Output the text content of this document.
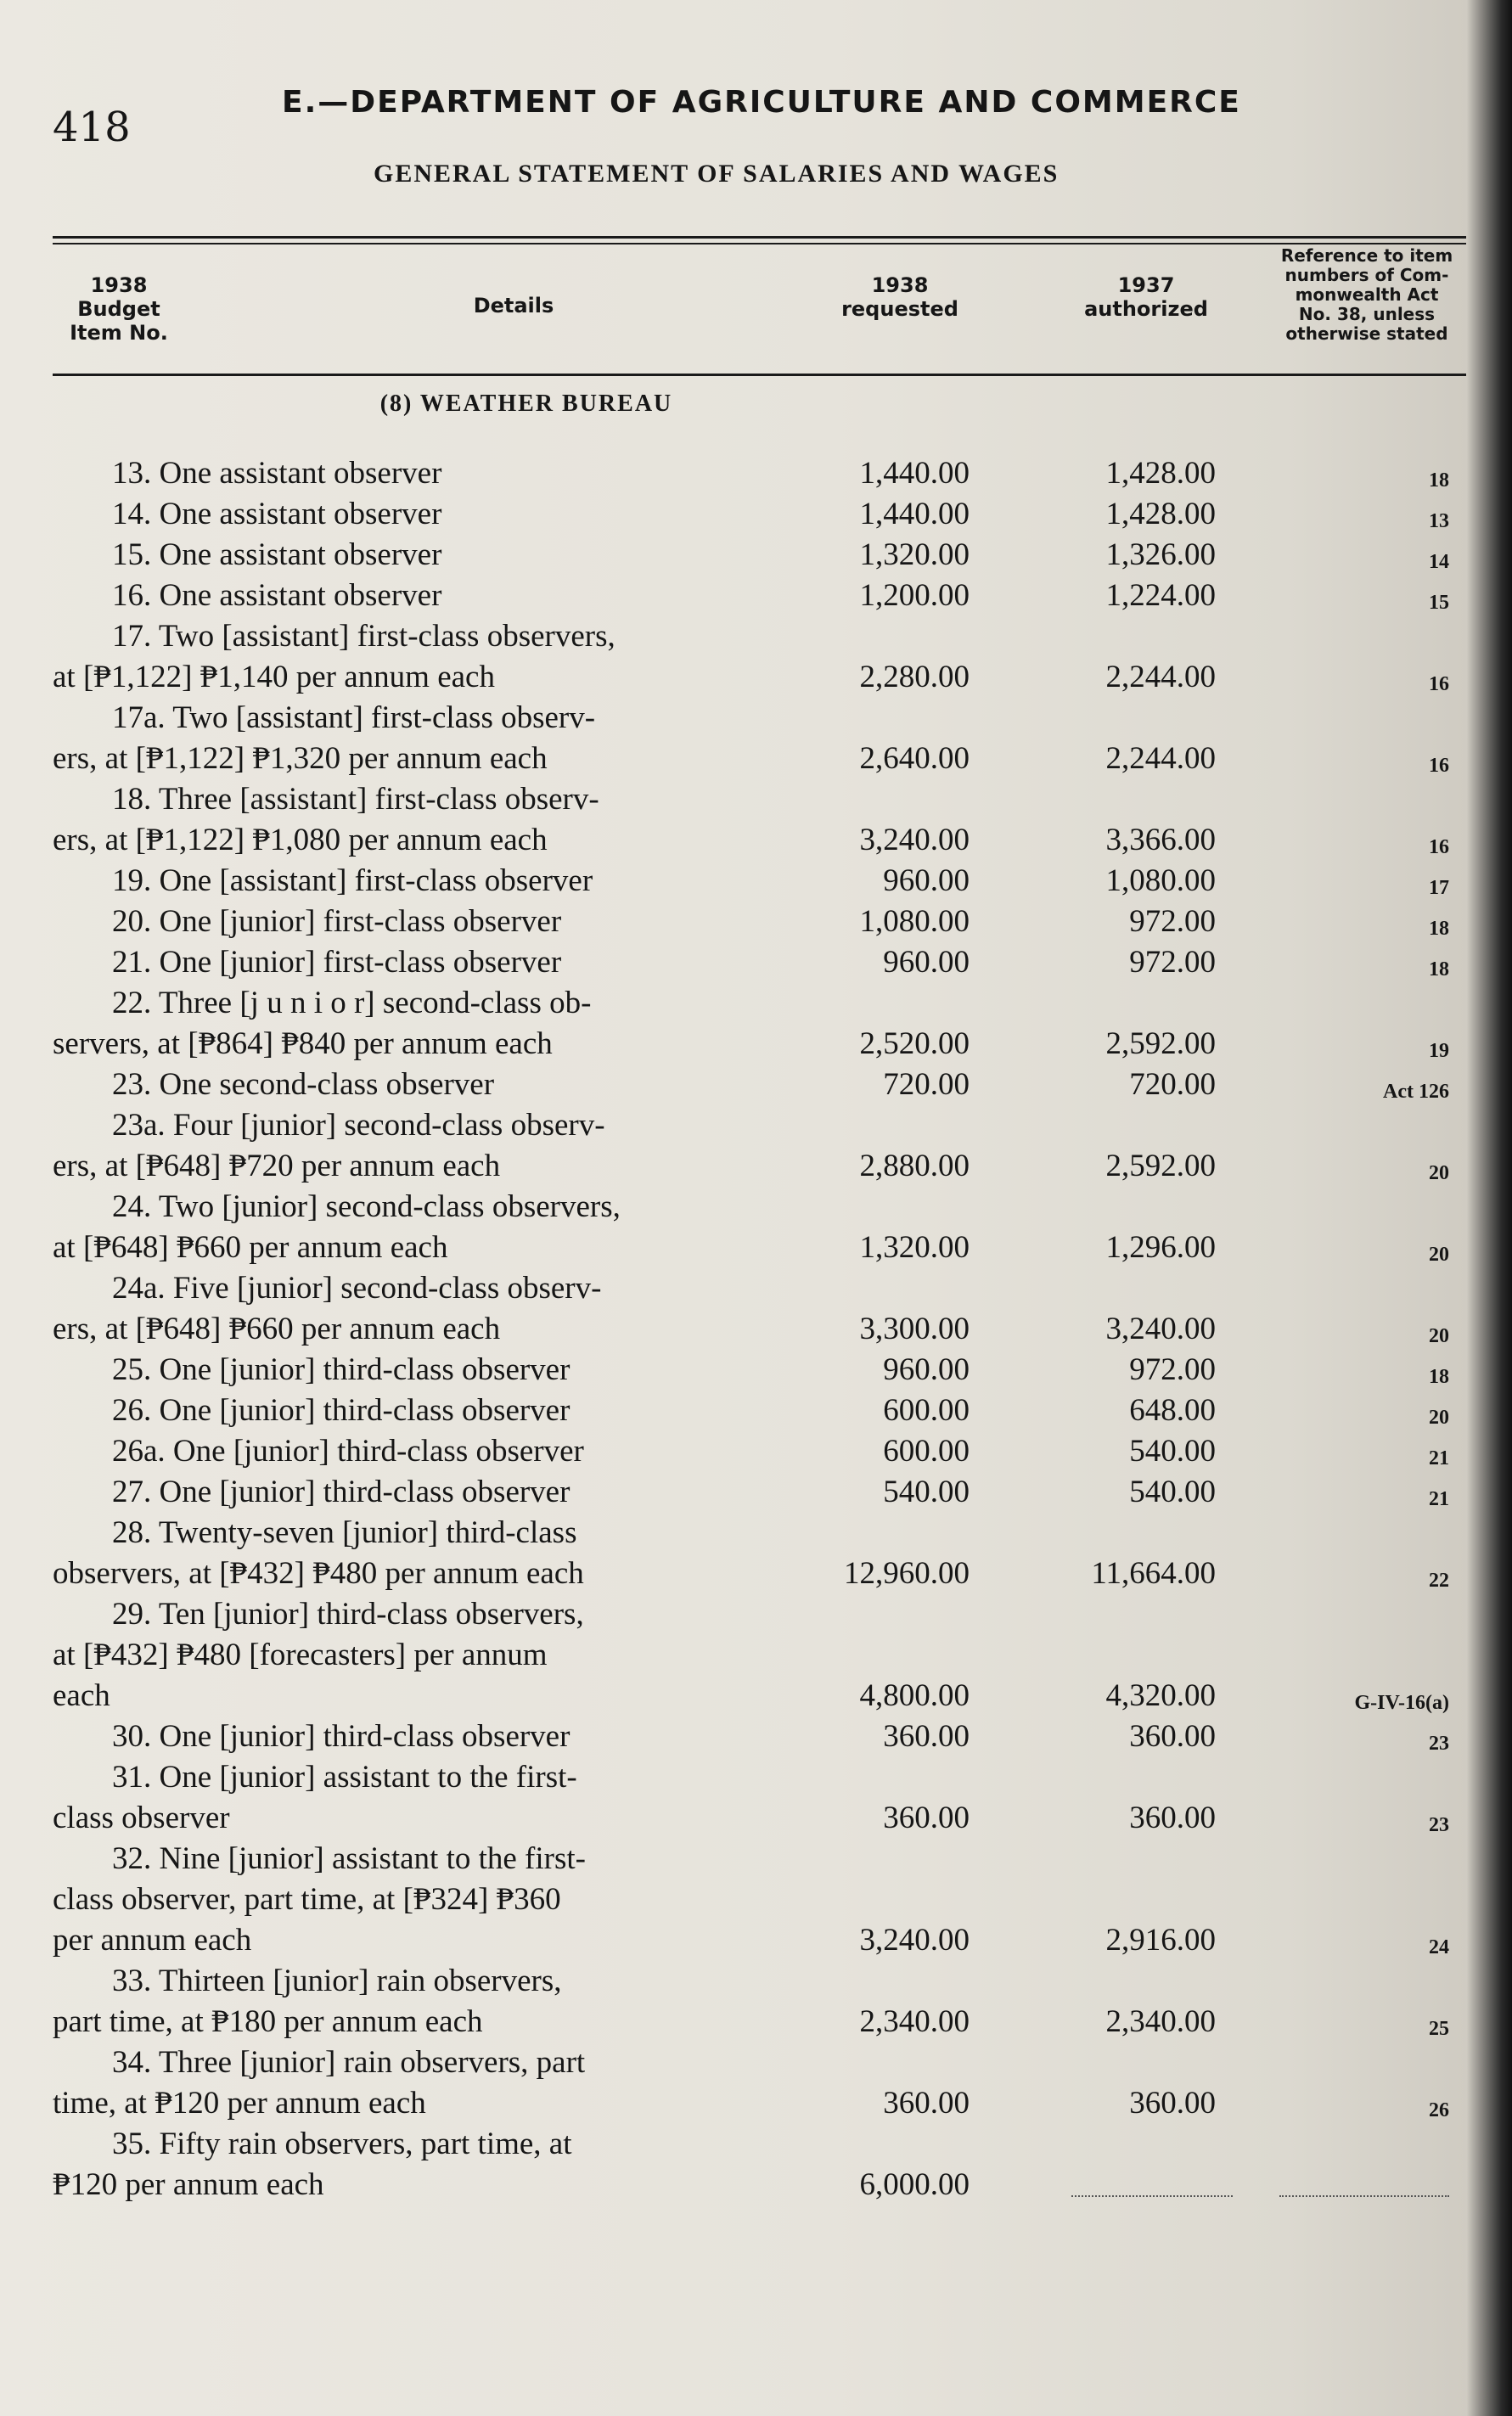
418
E.—DEPARTMENT OF AGRICULTURE AND COMMERCE
GENERAL STATEMENT OF SALARIES AND WAGES
1938
Budget
Item No.
Details
1938
requested
1937
authorized
Reference to item
numbers of Com-
monwealth Act
No. 38, unless
otherwise stated
(8) WEATHER BUREAU
13. One assistant observer	1,440.00	1,428.00	18
14. One assistant observer	1,440.00	1,428.00	13
15. One assistant observer	1,320.00	1,326.00	14
16. One assistant observer	1,200.00	1,224.00	15
17. Two [assistant] first-class observers,
at [₱1,122] ₱1,140 per annum each	2,280.00	2,244.00	16
17a. Two [assistant] first-class observ-
ers, at [₱1,122] ₱1,320 per annum each	2,640.00	2,244.00	16
18. Three [assistant] first-class observ-
ers, at [₱1,122] ₱1,080 per annum each	3,240.00	3,366.00	16
19. One [assistant] first-class observer	960.00	1,080.00	17
20. One [junior] first-class observer	1,080.00	972.00	18
21. One [junior] first-class observer	960.00	972.00	18
22. Three [j u n i o r] second-class ob-
servers, at [₱864] ₱840 per annum each	2,520.00	2,592.00	19
23. One second-class observer	720.00	720.00	Act 126
23a. Four [junior] second-class observ-
ers, at [₱648] ₱720 per annum each	2,880.00	2,592.00	20
24. Two [junior] second-class observers,
at [₱648] ₱660 per annum each	1,320.00	1,296.00	20
24a. Five [junior] second-class observ-
ers, at [₱648] ₱660 per annum each	3,300.00	3,240.00	20
25. One [junior] third-class observer	960.00	972.00	18
26. One [junior] third-class observer	600.00	648.00	20
26a. One [junior] third-class observer	600.00	540.00	21
27. One [junior] third-class observer	540.00	540.00	21
28. Twenty-seven [junior] third-class
observers, at [₱432] ₱480 per annum each	12,960.00	11,664.00	22
29. Ten [junior] third-class observers,
at [₱432] ₱480 [forecasters] per annum
each	4,800.00	4,320.00	G-IV-16(a)
30. One [junior] third-class observer	360.00	360.00	23
31. One [junior] assistant to the first-
class observer	360.00	360.00	23
32. Nine [junior] assistant to the first-
class observer, part time, at [₱324] ₱360
per annum each	3,240.00	2,916.00	24
33. Thirteen [junior] rain observers,
part time, at ₱180 per annum each	2,340.00	2,340.00	25
34. Three [junior] rain observers, part
time, at ₱120 per annum each	360.00	360.00	26
35. Fifty rain observers, part time, at
₱120 per annum each	6,000.00
